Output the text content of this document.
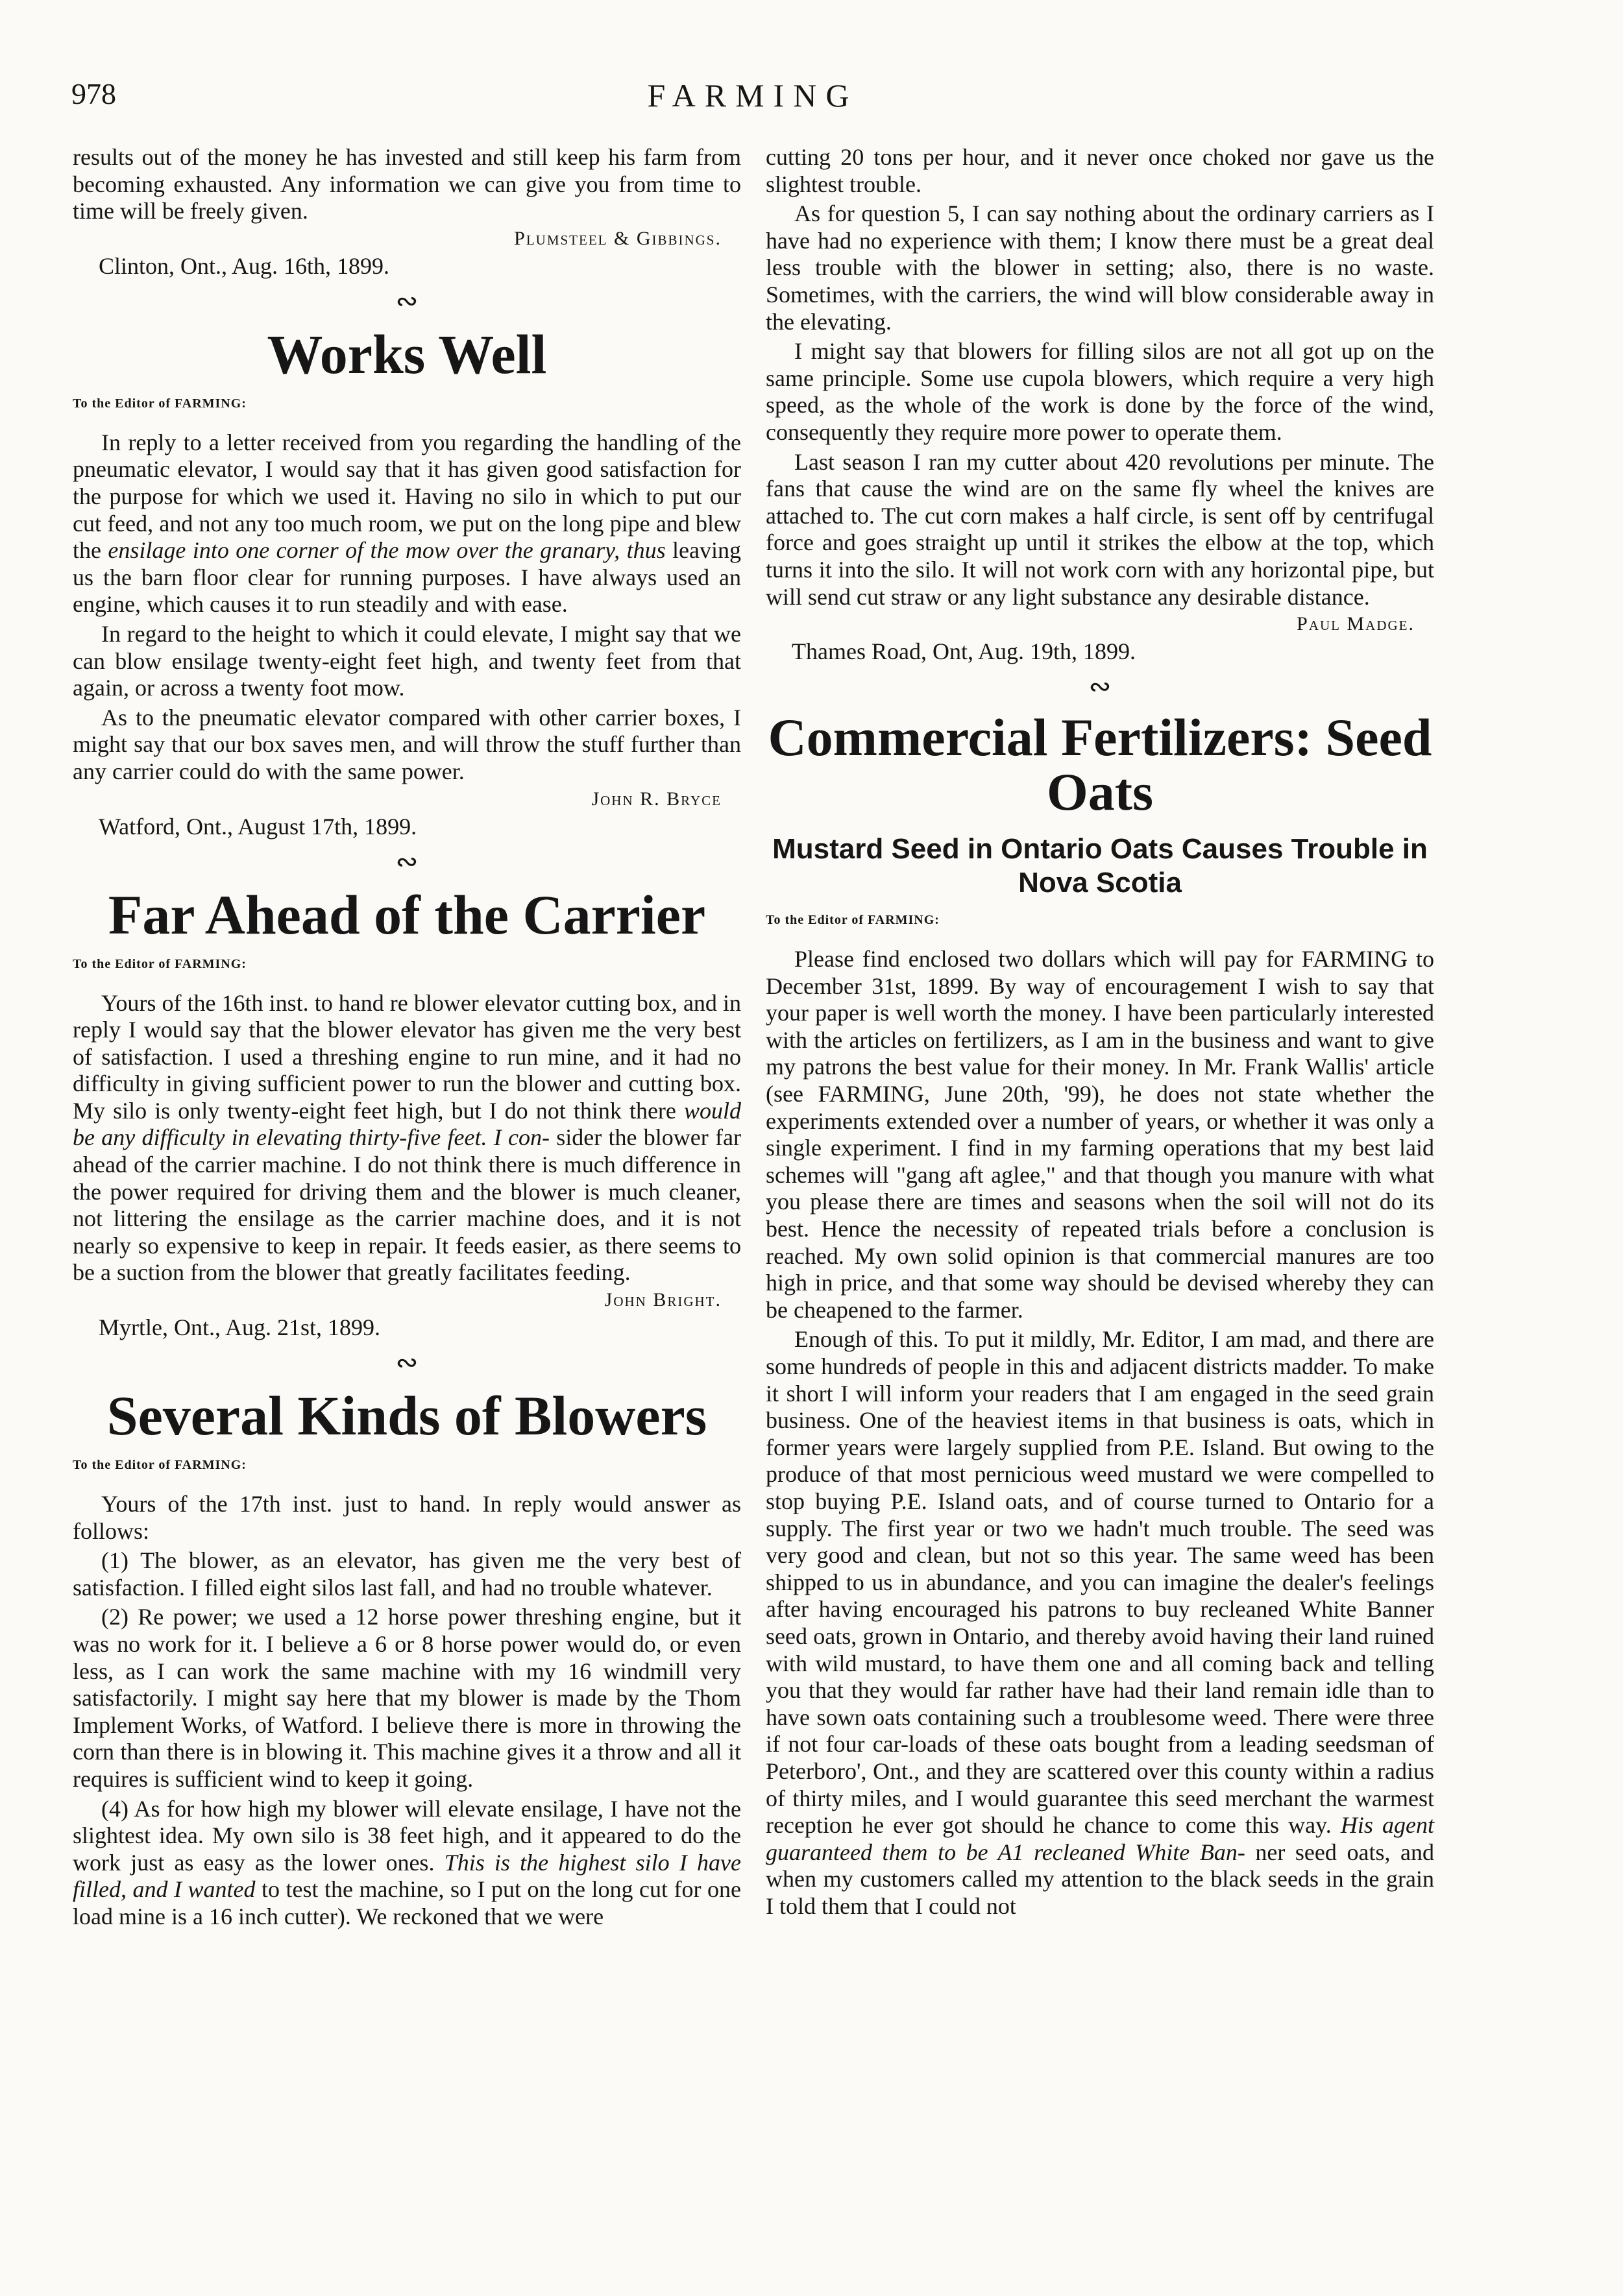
978	FARMING

results out of the money he has invested and still keep his farm from becoming exhausted. Any information we can give you from time to time will be freely given.

Plumsteel & Gibbings.
Clinton, Ont., Aug. 16th, 1899.
∾
Works Well
To the Editor of FARMING:

In reply to a letter received from you regarding the handling of the pneumatic elevator, I would say that it has given good satisfaction for the purpose for which we used it. Having no silo in which to put our cut feed, and not any too much room, we put on the long pipe and blew the ensilage into one corner of the mow over the granary, thus leaving us the barn floor clear for running purposes. I have always used an engine, which causes it to run steadily and with ease.

In regard to the height to which it could elevate, I might say that we can blow ensilage twenty-eight feet high, and twenty feet from that again, or across a twenty foot mow.

As to the pneumatic elevator compared with other carrier boxes, I might say that our box saves men, and will throw the stuff further than any carrier could do with the same power.

John R. Bryce
Watford, Ont., August 17th, 1899.
∾
Far Ahead of the Carrier
To the Editor of FARMING:

Yours of the 16th inst. to hand re blower elevator cutting box, and in reply I would say that the blower elevator has given me the very best of satisfaction. I used a threshing engine to run mine, and it had no difficulty in giving sufficient power to run the blower and cutting box. My silo is only twenty-eight feet high, but I do not think there would be any difficulty in elevating thirty-five feet. I con- sider the blower far ahead of the carrier machine. I do not think there is much difference in the power required for driving them and the blower is much cleaner, not littering the ensilage as the carrier machine does, and it is not nearly so expensive to keep in repair. It feeds easier, as there seems to be a suction from the blower that greatly facilitates feeding.

John Bright.
Myrtle, Ont., Aug. 21st, 1899.
∾
Several Kinds of Blowers
To the Editor of FARMING:

Yours of the 17th inst. just to hand. In reply would answer as follows:

(1) The blower, as an elevator, has given me the very best of satisfaction. I filled eight silos last fall, and had no trouble whatever.

(2) Re power; we used a 12 horse power threshing engine, but it was no work for it. I believe a 6 or 8 horse power would do, or even less, as I can work the same machine with my 16 windmill very satisfactorily. I might say here that my blower is made by the Thom Implement Works, of Watford. I believe there is more in throwing the corn than there is in blowing it. This machine gives it a throw and all it requires is sufficient wind to keep it going.

(4) As for how high my blower will elevate ensilage, I have not the slightest idea. My own silo is 38 feet high, and it appeared to do the work just as easy as the lower ones. This is the highest silo I have filled, and I wanted to test the machine, so I put on the long cut for one load mine is a 16 inch cutter). We reckoned that we were

cutting 20 tons per hour, and it never once choked nor gave us the slightest trouble.

As for question 5, I can say nothing about the ordinary carriers as I have had no experience with them; I know there must be a great deal less trouble with the blower in setting; also, there is no waste. Sometimes, with the carriers, the wind will blow considerable away in the elevating.

I might say that blowers for filling silos are not all got up on the same principle. Some use cupola blowers, which require a very high speed, as the whole of the work is done by the force of the wind, consequently they require more power to operate them.

Last season I ran my cutter about 420 revolutions per minute. The fans that cause the wind are on the same fly wheel the knives are attached to. The cut corn makes a half circle, is sent off by centrifugal force and goes straight up until it strikes the elbow at the top, which turns it into the silo. It will not work corn with any horizontal pipe, but will send cut straw or any light substance any desirable distance.

Paul Madge.
Thames Road, Ont, Aug. 19th, 1899.
∾
Commercial Fertilizers: Seed Oats
Mustard Seed in Ontario Oats Causes Trouble in Nova Scotia
To the Editor of FARMING:

Please find enclosed two dollars which will pay for FARMING to December 31st, 1899. By way of encouragement I wish to say that your paper is well worth the money. I have been particularly interested with the articles on fertilizers, as I am in the business and want to give my patrons the best value for their money. In Mr. Frank Wallis' article (see FARMING, June 20th, '99), he does not state whether the experiments extended over a number of years, or whether it was only a single experiment. I find in my farming operations that my best laid schemes will "gang aft aglee," and that though you manure with what you please there are times and seasons when the soil will not do its best. Hence the necessity of repeated trials before a conclusion is reached. My own solid opinion is that commercial manures are too high in price, and that some way should be devised whereby they can be cheapened to the farmer.

Enough of this. To put it mildly, Mr. Editor, I am mad, and there are some hundreds of people in this and adjacent districts madder. To make it short I will inform your readers that I am engaged in the seed grain business. One of the heaviest items in that business is oats, which in former years were largely supplied from P.E. Island. But owing to the produce of that most pernicious weed mustard we were compelled to stop buying P.E. Island oats, and of course turned to Ontario for a supply. The first year or two we hadn't much trouble. The seed was very good and clean, but not so this year. The same weed has been shipped to us in abundance, and you can imagine the dealer's feelings after having encouraged his patrons to buy recleaned White Banner seed oats, grown in Ontario, and thereby avoid having their land ruined with wild mustard, to have them one and all coming back and telling you that they would far rather have had their land remain idle than to have sown oats containing such a troublesome weed. There were three if not four car-loads of these oats bought from a leading seedsman of Peterboro', Ont., and they are scattered over this county within a radius of thirty miles, and I would guarantee this seed merchant the warmest reception he ever got should he chance to come this way. His agent guaranteed them to be A1 recleaned White Ban- ner seed oats, and when my customers called my attention to the black seeds in the grain I told them that I could not
